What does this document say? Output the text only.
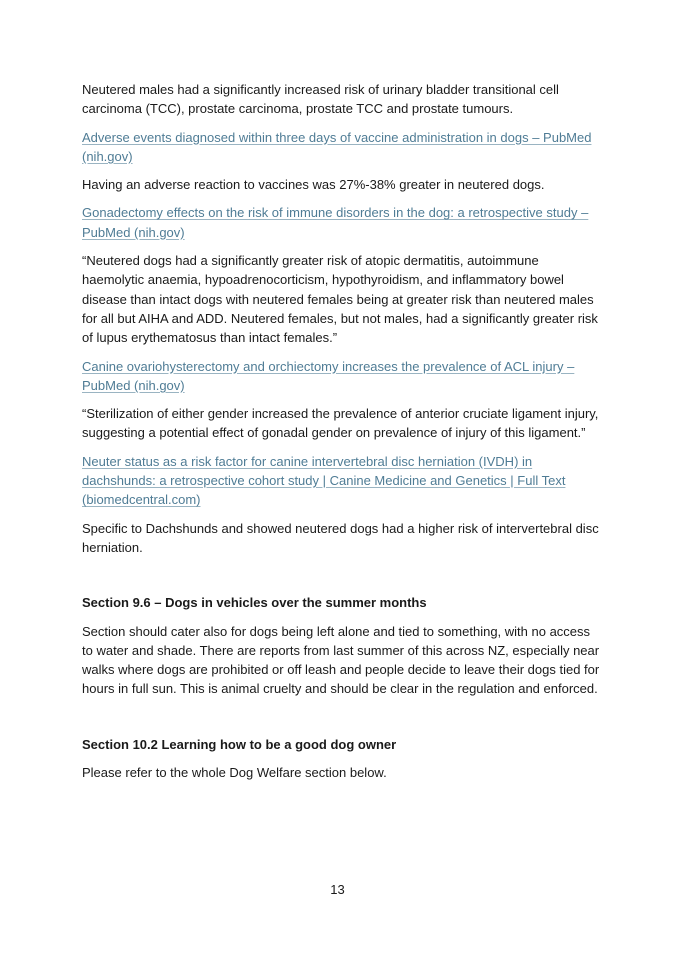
Neutered males had a significantly increased risk of urinary bladder transitional cell carcinoma (TCC), prostate carcinoma, prostate TCC and prostate tumours.

Adverse events diagnosed within three days of vaccine administration in dogs – PubMed (nih.gov)

Having an adverse reaction to vaccines was 27%-38% greater in neutered dogs.

Gonadectomy effects on the risk of immune disorders in the dog: a retrospective study – PubMed (nih.gov)

“Neutered dogs had a significantly greater risk of atopic dermatitis, autoimmune haemolytic anaemia, hypoadrenocorticism, hypothyroidism, and inflammatory bowel disease than intact dogs with neutered females being at greater risk than neutered males for all but AIHA and ADD. Neutered females, but not males, had a significantly greater risk of lupus erythematosus than intact females.”

Canine ovariohysterectomy and orchiectomy increases the prevalence of ACL injury – PubMed (nih.gov)

“Sterilization of either gender increased the prevalence of anterior cruciate ligament injury, suggesting a potential effect of gonadal gender on prevalence of injury of this ligament.”

Neuter status as a risk factor for canine intervertebral disc herniation (IVDH) in dachshunds: a retrospective cohort study | Canine Medicine and Genetics | Full Text (biomedcentral.com)

Specific to Dachshunds and showed neutered dogs had a higher risk of intervertebral disc herniation.

Section 9.6 – Dogs in vehicles over the summer months

Section should cater also for dogs being left alone and tied to something, with no access to water and shade. There are reports from last summer of this across NZ, especially near walks where dogs are prohibited or off leash and people decide to leave their dogs tied for hours in full sun. This is animal cruelty and should be clear in the regulation and enforced.

Section 10.2 Learning how to be a good dog owner

Please refer to the whole Dog Welfare section below.

13
